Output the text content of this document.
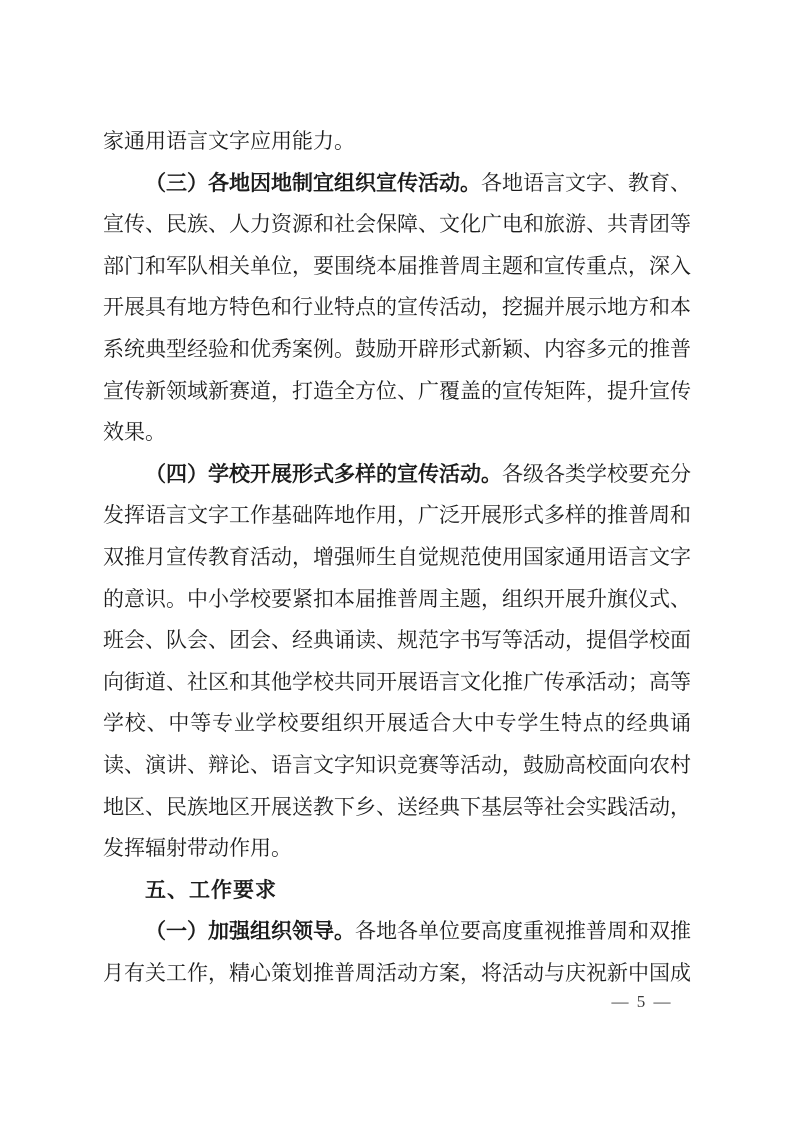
家通用语言文字应用能力。
（三）各地因地制宜组织宣传活动。各地语言文字、教育、
宣传、民族、人力资源和社会保障、文化广电和旅游、共青团等
部门和军队相关单位，要围绕本届推普周主题和宣传重点，深入
开展具有地方特色和行业特点的宣传活动，挖掘并展示地方和本
系统典型经验和优秀案例。鼓励开辟形式新颖、内容多元的推普
宣传新领域新赛道，打造全方位、广覆盖的宣传矩阵，提升宣传
效果。
（四）学校开展形式多样的宣传活动。各级各类学校要充分
发挥语言文字工作基础阵地作用，广泛开展形式多样的推普周和
双推月宣传教育活动，增强师生自觉规范使用国家通用语言文字
的意识。中小学校要紧扣本届推普周主题，组织开展升旗仪式、
班会、队会、团会、经典诵读、规范字书写等活动，提倡学校面
向街道、社区和其他学校共同开展语言文化推广传承活动；高等
学校、中等专业学校要组织开展适合大中专学生特点的经典诵
读、演讲、辩论、语言文字知识竞赛等活动，鼓励高校面向农村
地区、民族地区开展送教下乡、送经典下基层等社会实践活动，
发挥辐射带动作用。
五、工作要求
（一）加强组织领导。各地各单位要高度重视推普周和双推
月有关工作，精心策划推普周活动方案，将活动与庆祝新中国成
— 5 —
